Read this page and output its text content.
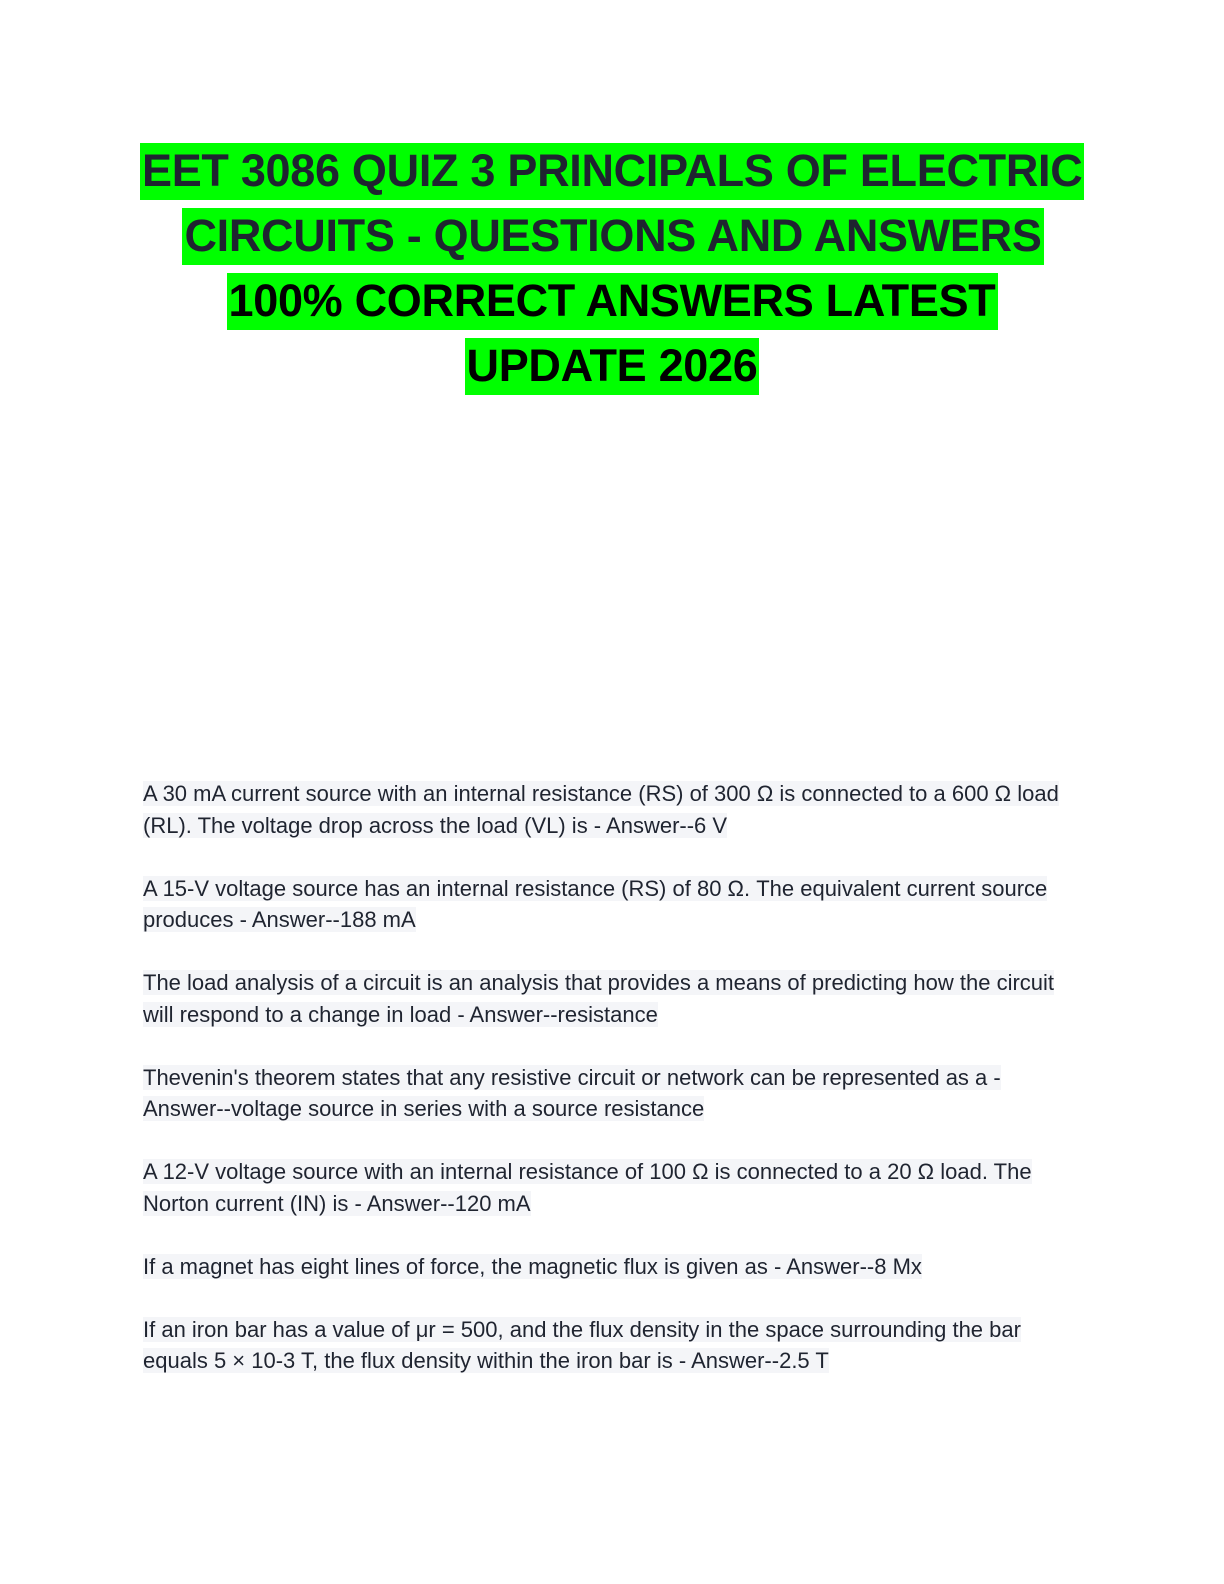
EET 3086 QUIZ 3 PRINCIPALS OF ELECTRIC CIRCUITS - QUESTIONS AND ANSWERS 100% CORRECT ANSWERS LATEST UPDATE 2026

A 30 mA current source with an internal resistance (RS) of 300 Ω is connected to a 600 Ω load (RL). The voltage drop across the load (VL) is - Answer--6 V

A 15-V voltage source has an internal resistance (RS) of 80 Ω. The equivalent current source produces - Answer--188 mA

The load analysis of a circuit is an analysis that provides a means of predicting how the circuit will respond to a change in load - Answer--resistance

Thevenin's theorem states that any resistive circuit or network can be represented as a - Answer--voltage source in series with a source resistance

A 12-V voltage source with an internal resistance of 100 Ω is connected to a 20 Ω load. The Norton current (IN) is - Answer--120 mA

If a magnet has eight lines of force, the magnetic flux is given as - Answer--8 Mx

If an iron bar has a value of μr = 500, and the flux density in the space surrounding the bar equals 5 × 10-3 T, the flux density within the iron bar is - Answer--2.5 T
